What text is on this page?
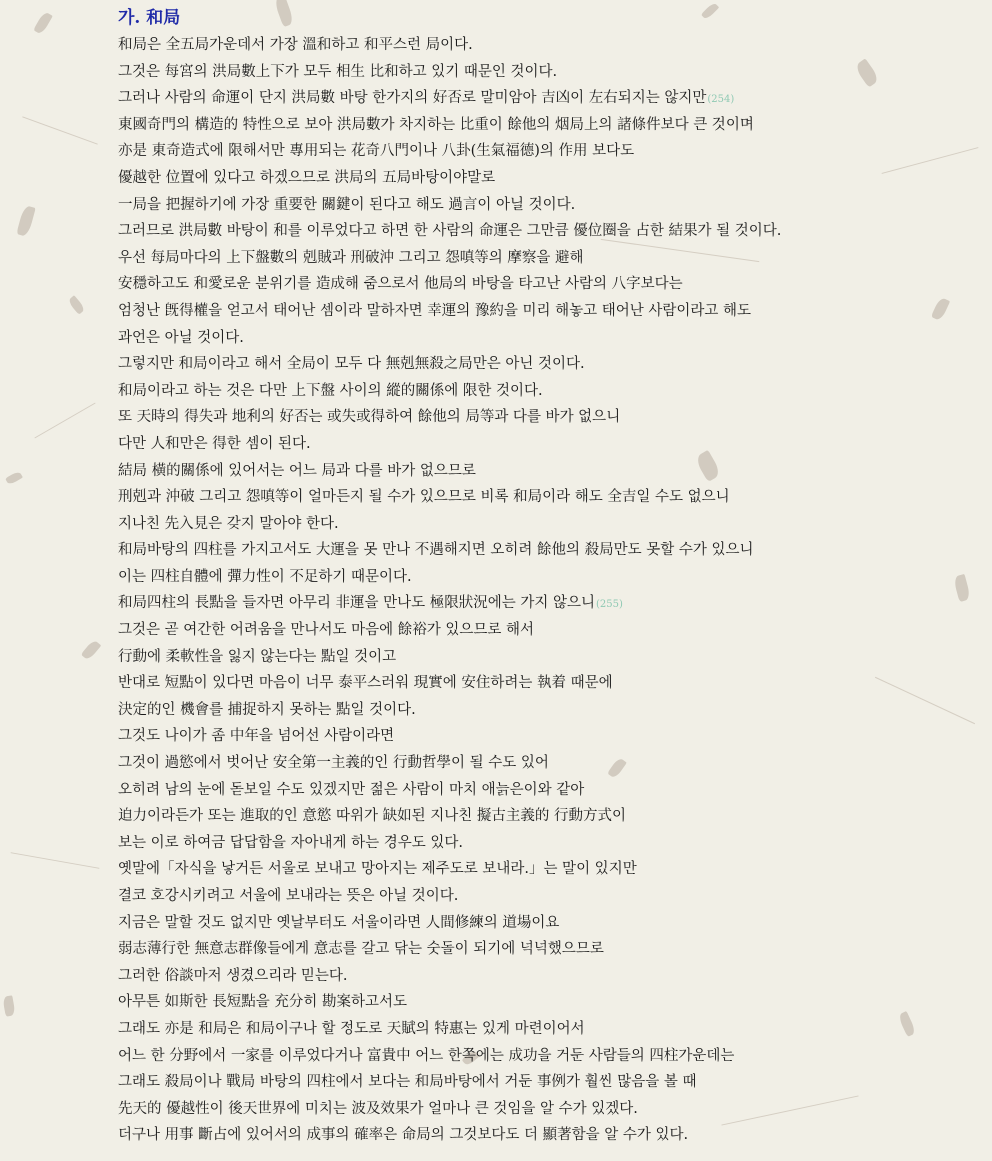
가. 和局
和局은 全五局가운데서 가장 溫和하고 和平스런 局이다.
그것은 每宮의 洪局數上下가 모두 相生 比和하고 있기 때문인 것이다.
그러나 사람의 命運이 단지 洪局數 바탕 한가지의 好否로 말미암아 吉凶이 左右되지는 않지만(254)
東國奇門의 構造的 特性으로 보아 洪局數가 차지하는 比重이 餘他의 烟局上의 諸條件보다 큰 것이며
亦是 東奇造式에 限해서만 專用되는 花奇八門이나 八卦(生氣福德)의 作用 보다도
優越한 位置에 있다고 하겠으므로 洪局의 五局바탕이야말로
一局을 把握하기에 가장 重要한 關鍵이 된다고 해도 過言이 아닐 것이다.
그러므로 洪局數 바탕이 和를 이루었다고 하면 한 사람의 命運은 그만큼 優位圈을 占한 結果가 될 것이다.
우선 每局마다의 上下盤數의 剋賊과 刑破沖 그리고 怨嗔等의 摩察을 避해
安穩하고도 和愛로운 분위기를 造成해 줌으로서 他局의 바탕을 타고난 사람의 八字보다는
엄청난 旣得權을 얻고서 태어난 셈이라 말하자면 幸運의 豫約을 미리 해놓고 태어난 사람이라고 해도
과언은 아닐 것이다.
그렇지만 和局이라고 해서 全局이 모두 다 無剋無殺之局만은 아닌 것이다.
和局이라고 하는 것은 다만 上下盤 사이의 縱的關係에 限한 것이다.
또 天時의 得失과 地利의 好否는 或失或得하여 餘他의 局等과 다를 바가 없으니
다만 人和만은 得한 셈이 된다.
結局 橫的關係에 있어서는 어느 局과 다를 바가 없으므로
刑剋과 沖破 그리고 怨嗔等이 얼마든지 될 수가 있으므로 비록 和局이라 해도 全吉일 수도 없으니
지나친 先入見은 갖지 말아야 한다.
和局바탕의 四柱를 가지고서도 大運을 못 만나 不遇해지면 오히려 餘他의 殺局만도 못할 수가 있으니
이는 四柱自體에 彈力性이 不足하기 때문이다.
和局四柱의 長點을 들자면 아무리 非運을 만나도 極限狀況에는 가지 않으니(255)
그것은 곧 여간한 어려움을 만나서도 마음에 餘裕가 있으므로 해서
行動에 柔軟性을 잃지 않는다는 點일 것이고
반대로 短點이 있다면 마음이 너무 泰平스러워 現實에 安住하려는 執着 때문에
決定的인 機會를 捕捉하지 못하는 點일 것이다.
그것도 나이가 좀 中年을 넘어선 사람이라면
그것이 過慾에서 벗어난 安全第一主義的인 行動哲學이 될 수도 있어
오히려 남의 눈에 돋보일 수도 있겠지만 젊은 사람이 마치 애늙은이와 같아
迫力이라든가 또는 進取的인 意慾 따위가 缺如된 지나친 擬古主義的 行動方式이
보는 이로 하여금 답답함을 자아내게 하는 경우도 있다.
옛말에「자식을 낳거든 서울로 보내고 망아지는 제주도로 보내라.」는 말이 있지만
결코 호강시키려고 서울에 보내라는 뜻은 아닐 것이다.
지금은 말할 것도 없지만 옛날부터도 서울이라면 人間修練의 道場이요
弱志薄行한 無意志群像들에게 意志를 갈고 닦는 숫돌이 되기에 넉넉했으므로
그러한 俗談마저 생겼으리라 믿는다.
아무튼 如斯한 長短點을 充分히 勘案하고서도
그래도 亦是 和局은 和局이구나 할 정도로 天賦의 特惠는 있게 마련이어서
어느 한 分野에서 一家를 이루었다거나 富貴中 어느 한쪽에는 成功을 거둔 사람들의 四柱가운데는
그래도 殺局이나 戰局 바탕의 四柱에서 보다는 和局바탕에서 거둔 事例가 훨씬 많음을 볼 때
先天的 優越性이 後天世界에 미치는 波及效果가 얼마나 큰 것임을 알 수가 있겠다.
더구나 用事 斷占에 있어서의 成事의 確率은 命局의 그것보다도 더 顯著함을 알 수가 있다.
